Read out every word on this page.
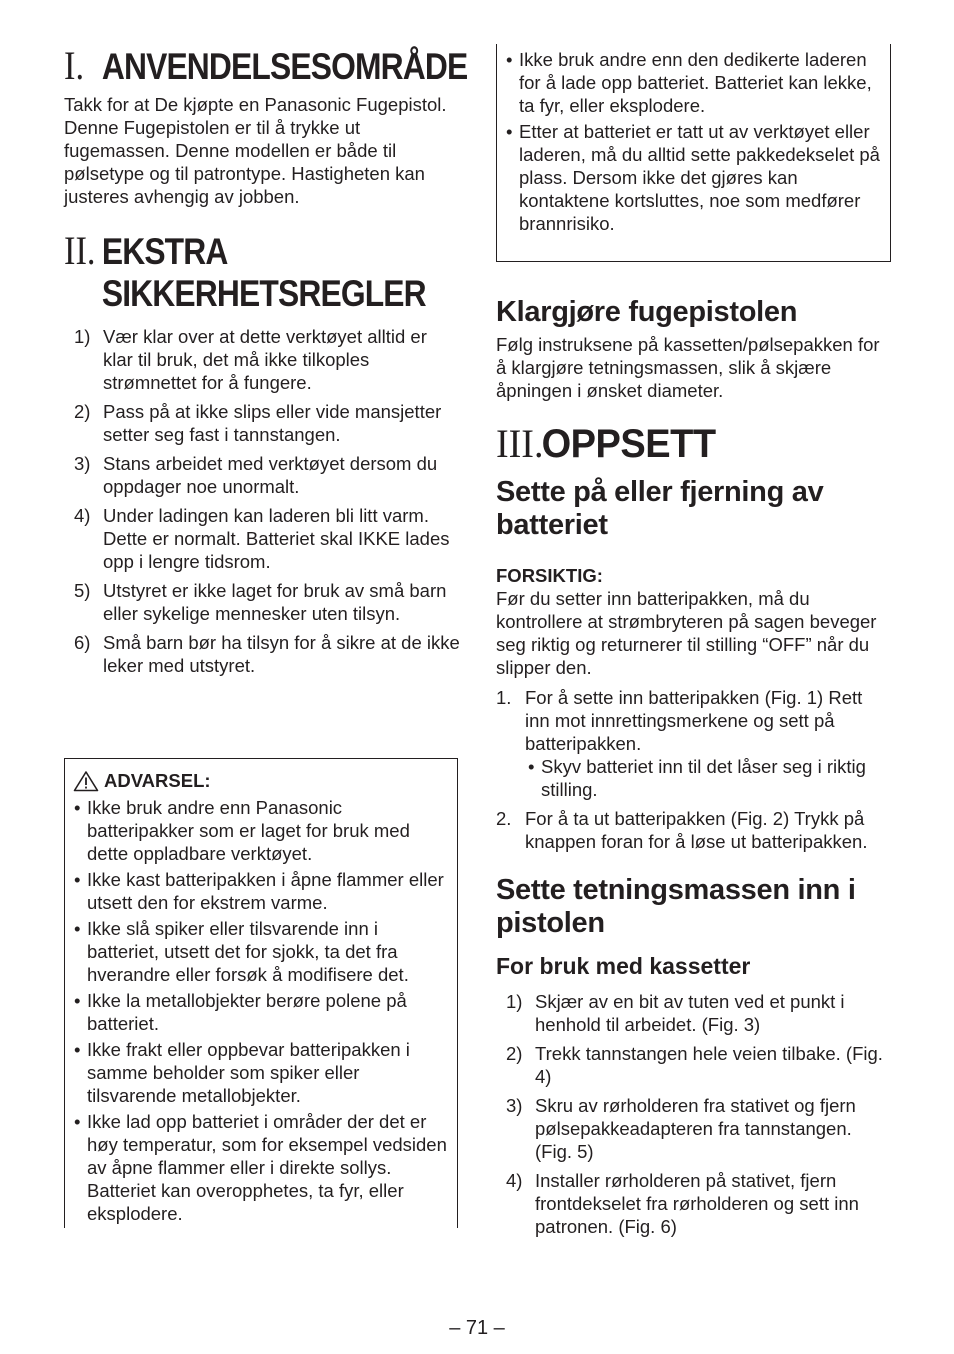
I. ANVENDELSESOMRÅDE

Takk for at De kjøpte en Panasonic Fugepistol. Denne Fugepistolen er til å trykke ut fugemassen. Denne modellen er både til pølsetype og til patrontype. Hastigheten kan justeres avhengig av jobben.

II. EKSTRA
SIKKERHETSREGLER
1) Vær klar over at dette verktøyet alltid er klar til bruk, det må ikke tilkoples strømnettet for å fungere.
2) Pass på at ikke slips eller vide mansjetter setter seg fast i tannstangen.
3) Stans arbeidet med verktøyet dersom du oppdager noe unormalt.
4) Under ladingen kan laderen bli litt varm. Dette er normalt. Batteriet skal IKKE lades opp i lengre tidsrom.
5) Utstyret er ikke laget for bruk av små barn eller sykelige mennesker uten tilsyn.
6) Små barn bør ha tilsyn for å sikre at de ikke leker med utstyret.
ADVARSEL:
• Ikke bruk andre enn Panasonic batteripakker som er laget for bruk med dette oppladbare verktøyet.
• Ikke kast batteripakken i åpne flammer eller utsett den for ekstrem varme.
• Ikke slå spiker eller tilsvarende inn i batteriet, utsett det for sjokk, ta det fra hverandre eller forsøk å modifisere det.
• Ikke la metallobjekter berøre polene på batteriet.
• Ikke frakt eller oppbevar batteripakken i samme beholder som spiker eller tilsvarende metallobjekter.
• Ikke lad opp batteriet i områder der det er høy temperatur, som for eksempel vedsiden av åpne flammer eller i direkte sollys. Batteriet kan overopphetes, ta fyr, eller eksplodere.
• Ikke bruk andre enn den dedikerte laderen for å lade opp batteriet. Batteriet kan lekke, ta fyr, eller eksplodere.
• Etter at batteriet er tatt ut av verktøyet eller laderen, må du alltid sette pakkedekselet på plass. Dersom ikke det gjøres kan kontaktene kortsluttes, noe som medfører brannrisiko.
Klargjøre fugepistolen

Følg instruksene på kassetten/pølsepakken for å klargjøre tetningsmassen, slik å skjære åpningen i ønsket diameter.

III.OPPSETT
Sette på eller fjerning av batteriet
FORSIKTIG:

Før du setter inn batteripakken, må du kontrollere at strømbryteren på sagen beveger seg riktig og returnerer til stilling “OFF” når du slipper den.

1. For å sette inn batteripakken (Fig. 1) Rett inn mot innrettingsmerkene og sett på batteripakken.
• Skyv batteriet inn til det låser seg i riktig stilling.
2. For å ta ut batteripakken (Fig. 2) Trykk på knappen foran for å løse ut batteripakken.
Sette tetningsmassen inn i pistolen
For bruk med kassetter
1) Skjær av en bit av tuten ved et punkt i henhold til arbeidet. (Fig. 3)
2) Trekk tannstangen hele veien tilbake. (Fig. 4)
3) Skru av rørholderen fra stativet og fjern pølsepakkeadapteren fra tannstangen. (Fig. 5)
4) Installer rørholderen på stativet, fjern frontdekselet fra rørholderen og sett inn patronen. (Fig. 6)
– 71 –
